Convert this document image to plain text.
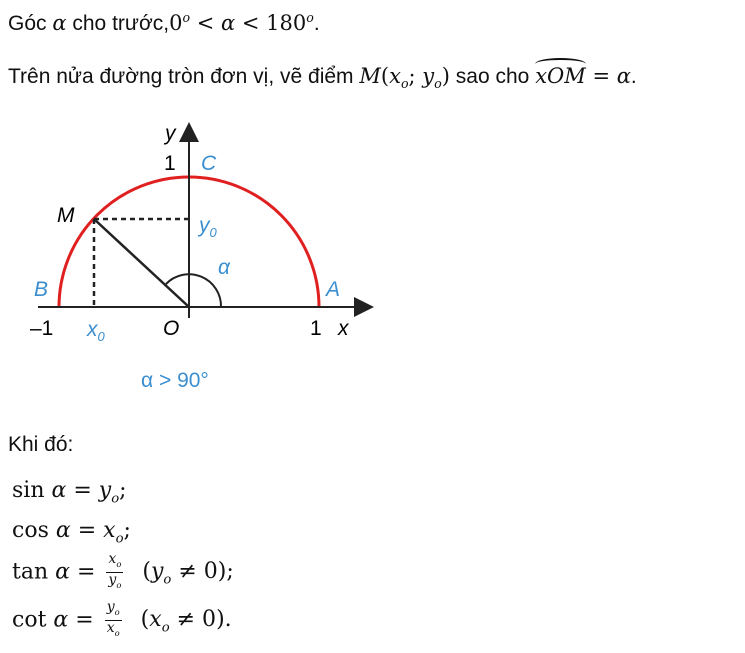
Góc α cho $trước,0^o < \alpha < 180^o$.
Trên nửa đường tròn đơn vị, vẽ điểm $M(x_o$; $y_o$) sao cho xOM = α.
y
1 C
M	$y_0$
α
B	A
–1 $x_0$	O	1 x
α > 90°
Khi đó:
$\sin \alpha = y_o$;
$\cos \alpha = x_o$;
$\tan \alpha = \frac{x_o}{y_o} (y_o \ne 0)$;
$\cot \alpha = \frac{y_o}{x_o} (x_o \ne 0)$.
